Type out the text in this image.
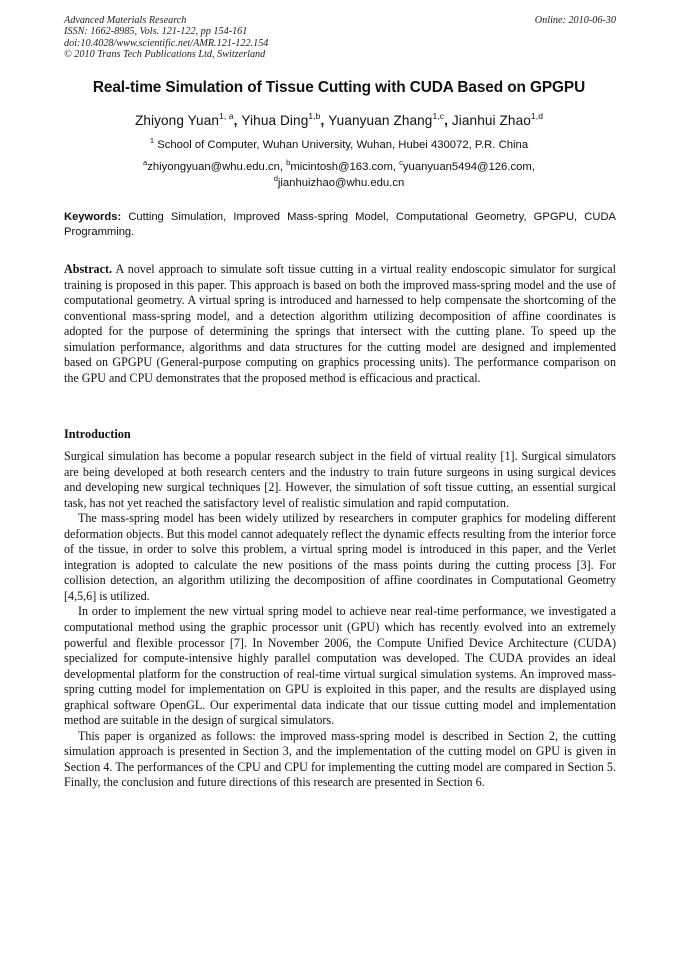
Advanced Materials Research
ISSN: 1662-8985, Vols. 121-122, pp 154-161
doi:10.4028/www.scientific.net/AMR.121-122.154
© 2010 Trans Tech Publications Ltd, Switzerland
Online: 2010-06-30
Real-time Simulation of Tissue Cutting with CUDA Based on GPGPU
Zhiyong Yuan$^{1, a}$, Yihua Ding$^{1,b}$, Yuanyuan Zhang$^{1,c}$, Jianhui Zhao$^{1,d}$
$^1$ School of Computer, Wuhan University, Wuhan, Hubei 430072, P.R. China
$^a$zhiyongyuan@whu.edu.cn, $^b$micintosh@163.com, $^c$yuanyuan5494@126.com,
$^d$jianhuizhao@whu.edu.cn
Keywords: Cutting Simulation, Improved Mass-spring Model, Computational Geometry, GPGPU, CUDA Programming.
Abstract. A novel approach to simulate soft tissue cutting in a virtual reality endoscopic simulator for surgical training is proposed in this paper. This approach is based on both the improved mass-spring model and the use of computational geometry. A virtual spring is introduced and harnessed to help compensate the shortcoming of the conventional mass-spring model, and a detection algorithm utilizing decomposition of affine coordinates is adopted for the purpose of determining the springs that intersect with the cutting plane. To speed up the simulation performance, algorithms and data structures for the cutting model are designed and implemented based on GPGPU (General-purpose computing on graphics processing units). The performance comparison on the GPU and CPU demonstrates that the proposed method is efficacious and practical.
Introduction

Surgical simulation has become a popular research subject in the field of virtual reality [1]. Surgical simulators are being developed at both research centers and the industry to train future surgeons in using surgical devices and developing new surgical techniques [2]. However, the simulation of soft tissue cutting, an essential surgical task, has not yet reached the satisfactory level of realistic simulation and rapid computation.

The mass-spring model has been widely utilized by researchers in computer graphics for modeling different deformation objects. But this model cannot adequately reflect the dynamic effects resulting from the interior force of the tissue, in order to solve this problem, a virtual spring model is introduced in this paper, and the Verlet integration is adopted to calculate the new positions of the mass points during the cutting process [3]. For collision detection, an algorithm utilizing the decomposition of affine coordinates in Computational Geometry [4,5,6] is utilized.

In order to implement the new virtual spring model to achieve near real-time performance, we investigated a computational method using the graphic processor unit (GPU) which has recently evolved into an extremely powerful and flexible processor [7]. In November 2006, the Compute Unified Device Architecture (CUDA) specialized for compute-intensive highly parallel computation was developed. The CUDA provides an ideal developmental platform for the construction of real-time virtual surgical simulation systems. An improved mass-spring cutting model for implementation on GPU is exploited in this paper, and the results are displayed using graphical software OpenGL. Our experimental data indicate that our tissue cutting model and implementation method are suitable in the design of surgical simulators.

This paper is organized as follows: the improved mass-spring model is described in Section 2, the cutting simulation approach is presented in Section 3, and the implementation of the cutting model on GPU is given in Section 4. The performances of the CPU and CPU for implementing the cutting model are compared in Section 5. Finally, the conclusion and future directions of this research are presented in Section 6.
